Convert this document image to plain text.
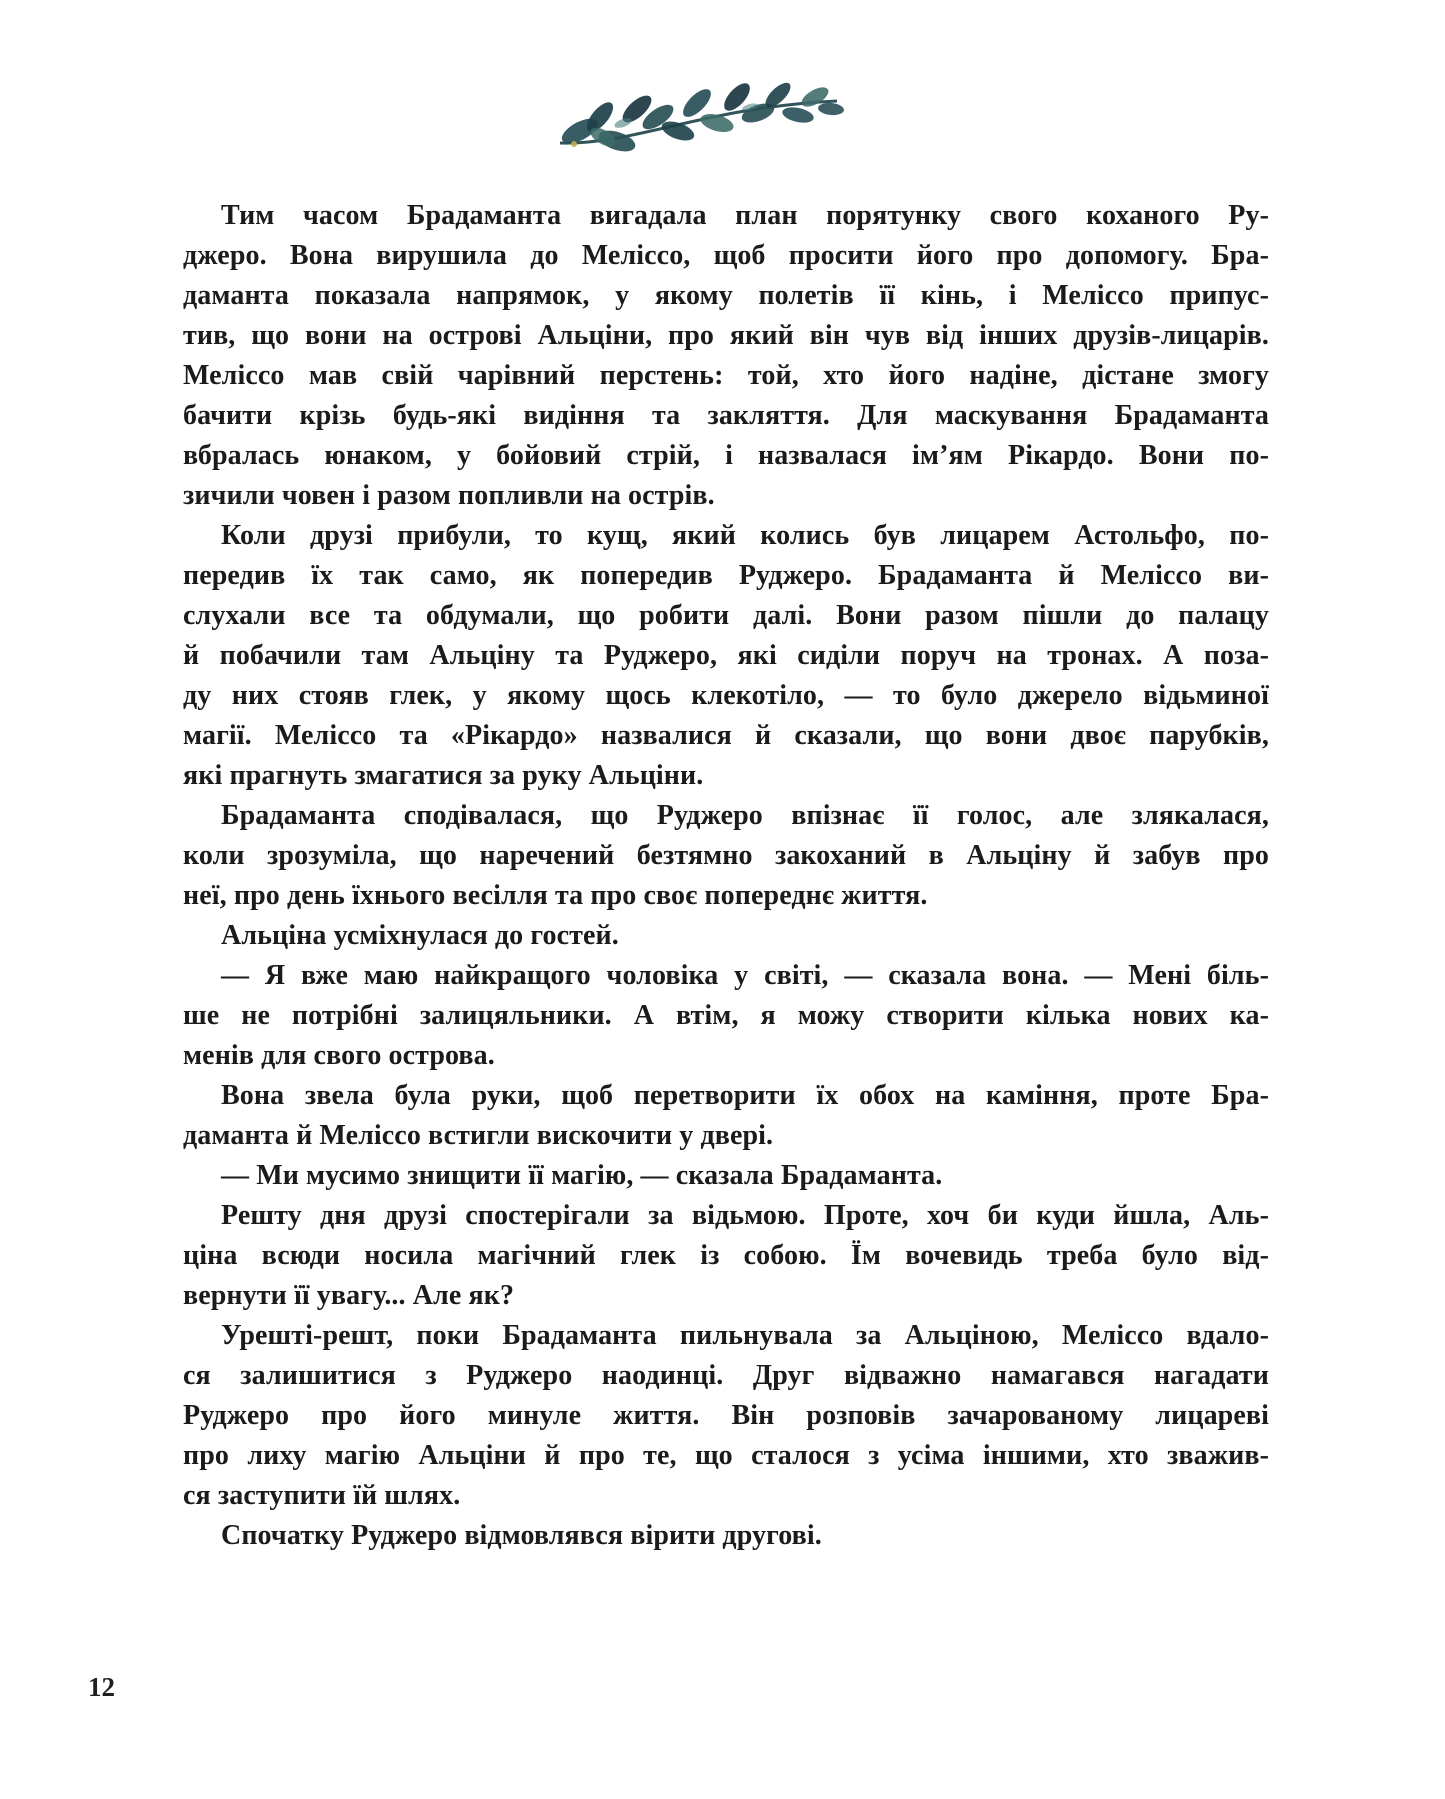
Тим часом Брадаманта вигадала план порятунку свого коханого Ру-
джеро. Вона вирушила до Меліссо, щоб просити його про допомогу. Бра-
даманта показала напрямок, у якому полетів її кінь, і Меліссо припус-
тив, що вони на острові Альціни, про який він чув від інших друзів-лицарів.
Меліссо мав свій чарівний перстень: той, хто його надіне, дістане змогу
бачити крізь будь-які видіння та закляття. Для маскування Брадаманта
вбралась юнаком, у бойовий стрій, і назвалася ім’ям Рікардо. Вони по-
зичили човен і разом попливли на острів.
Коли друзі прибули, то кущ, який колись був лицарем Астольфо, по-
передив їх так само, як попередив Руджеро. Брадаманта й Меліссо ви-
слухали все та обдумали, що робити далі. Вони разом пішли до палацу
й побачили там Альціну та Руджеро, які сиділи поруч на тронах. А поза-
ду них стояв глек, у якому щось клекотіло, — то було джерело відьминої
магії. Меліссо та «Рікардо» назвалися й сказали, що вони двоє парубків,
які прагнуть змагатися за руку Альціни.
Брадаманта сподівалася, що Руджеро впізнає її голос, але злякалася,
коли зрозуміла, що наречений безтямно закоханий в Альціну й забув про
неї, про день їхнього весілля та про своє попереднє життя.
Альціна усміхнулася до гостей.
— Я вже маю найкращого чоловіка у світі, — сказала вона. — Мені біль-
ше не потрібні залицяльники. А втім, я можу створити кілька нових ка-
менів для свого острова.
Вона звела була руки, щоб перетворити їх обох на каміння, проте Бра-
даманта й Меліссо встигли вискочити у двері.
— Ми мусимо знищити її магію, — сказала Брадаманта.
Решту дня друзі спостерігали за відьмою. Проте, хоч би куди йшла, Аль-
ціна всюди носила магічний глек із собою. Їм вочевидь треба було від-
вернути її увагу... Але як?
Урешті-решт, поки Брадаманта пильнувала за Альціною, Меліссо вдало-
ся залишитися з Руджеро наодинці. Друг відважно намагався нагадати
Руджеро про його минуле життя. Він розповів зачарованому лицареві
про лиху магію Альціни й про те, що сталося з усіма іншими, хто зважив-
ся заступити їй шлях.
Спочатку Руджеро відмовлявся вірити другові.
12
